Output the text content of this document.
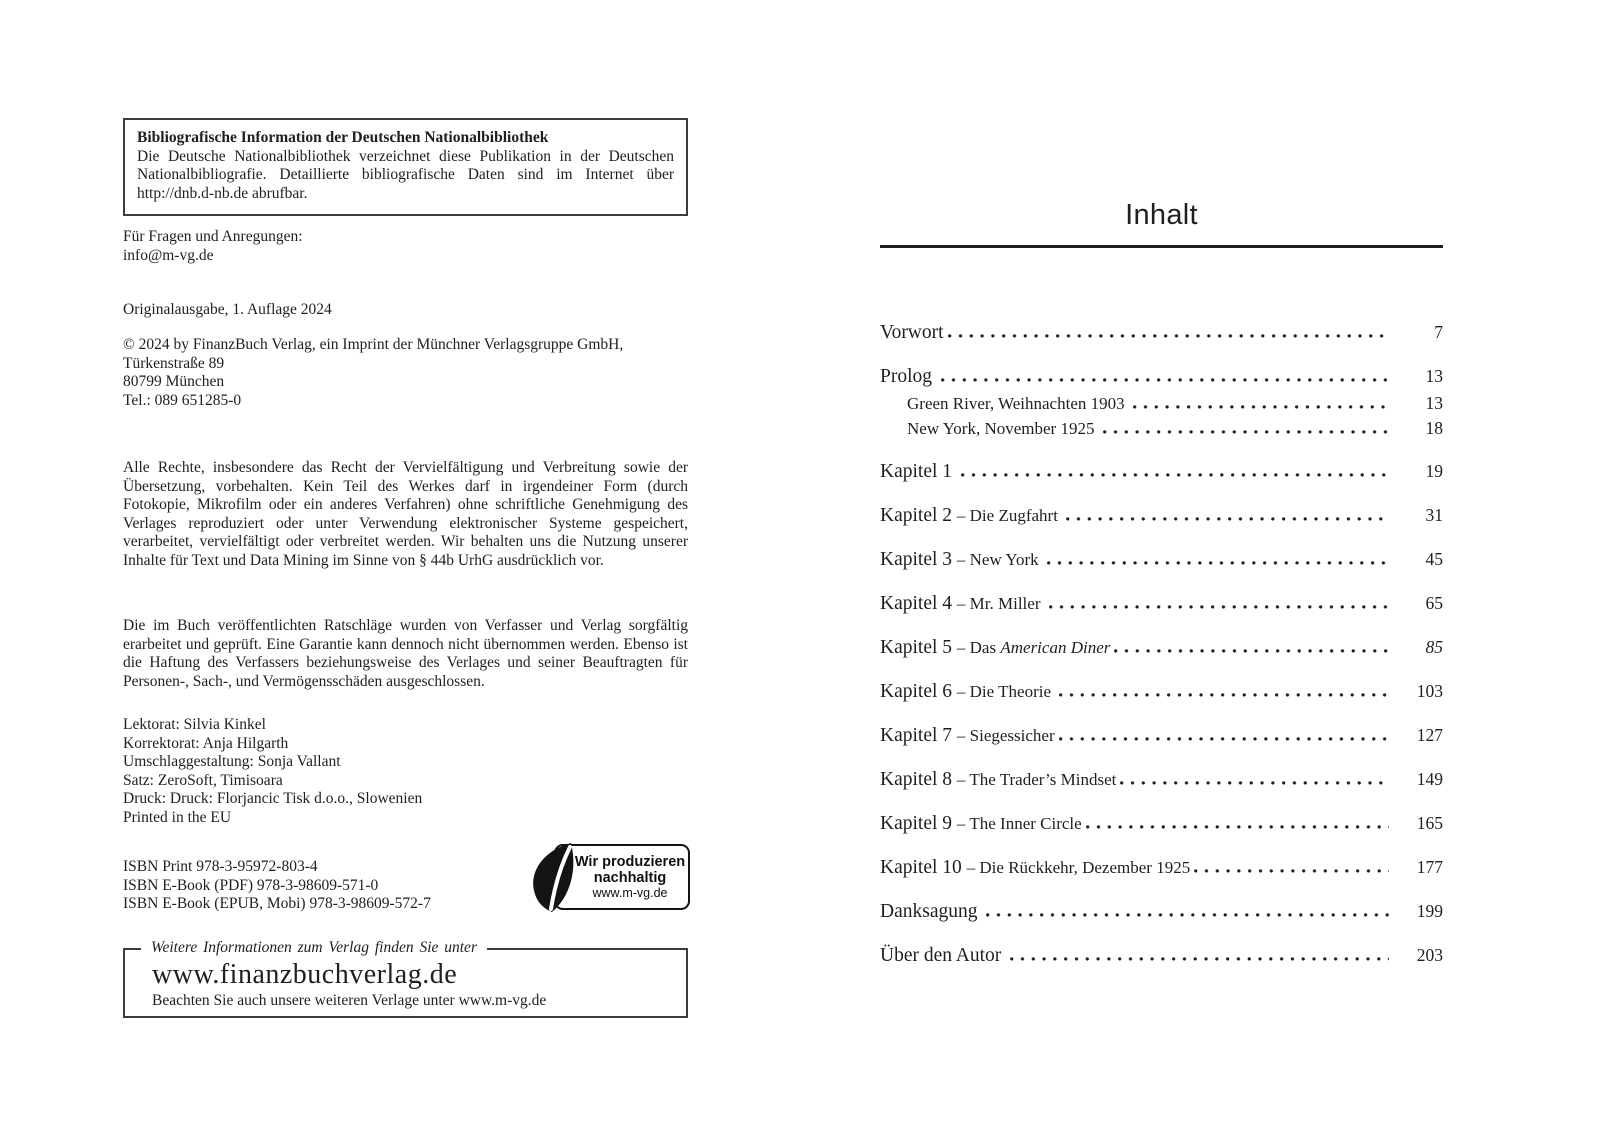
Bibliografische Information der Deutschen Nationalbibliothek
Die Deutsche Nationalbibliothek verzeichnet diese Publikation in der Deutschen Nationalbibliografie. Detaillierte bibliografische Daten sind im Internet über http://dnb.d-nb.de abrufbar.
Für Fragen und Anregungen:
info@m-vg.de
Originalausgabe, 1. Auflage 2024
© 2024 by FinanzBuch Verlag, ein Imprint der Münchner Verlagsgruppe GmbH,
Türkenstraße 89
80799 München
Tel.: 089 651285-0
Alle Rechte, insbesondere das Recht der Vervielfältigung und Verbreitung sowie der Übersetzung, vorbehalten. Kein Teil des Werkes darf in irgendeiner Form (durch Fotokopie, Mikrofilm oder ein anderes Verfahren) ohne schriftliche Genehmigung des Verlages reproduziert oder unter Verwendung elektronischer Systeme gespeichert, verarbeitet, vervielfältigt oder verbreitet werden. Wir behalten uns die Nutzung unserer Inhalte für Text und Data Mining im Sinne von § 44b UrhG ausdrücklich vor.
Die im Buch veröffentlichten Ratschläge wurden von Verfasser und Verlag sorgfältig erarbeitet und geprüft. Eine Garantie kann dennoch nicht übernommen werden. Ebenso ist die Haftung des Verfassers beziehungsweise des Verlages und seiner Beauftragten für Personen-, Sach-, und Vermögensschäden ausgeschlossen.
Lektorat: Silvia Kinkel
Korrektorat: Anja Hilgarth
Umschlaggestaltung: Sonja Vallant
Satz: ZeroSoft, Timisoara
Druck: Druck: Florjancic Tisk d.o.o., Slowenien
Printed in the EU
ISBN Print 978-3-95972-803-4
ISBN E-Book (PDF) 978-3-98609-571-0
ISBN E-Book (EPUB, Mobi) 978-3-98609-572-7
Wir produzieren
nachhaltig
www.m-vg.de
Weitere Informationen zum Verlag finden Sie unter
www.finanzbuchverlag.de
Beachten Sie auch unsere weiteren Verlage unter www.m-vg.de
Inhalt
Vorwort	7
Prolog	13
Green River, Weihnachten 1903	13
New York, November 1925	18
Kapitel 1	19
Kapitel 2 – Die Zugfahrt	31
Kapitel 3 – New York	45
Kapitel 4 – Mr. Miller	65
Kapitel 5 – Das American Diner	85
Kapitel 6 – Die Theorie	103
Kapitel 7 – Siegessicher	127
Kapitel 8 – The Trader’s Mindset	149
Kapitel 9 – The Inner Circle	165
Kapitel 10 – Die Rückkehr, Dezember 1925	177
Danksagung	199
Über den Autor	203
